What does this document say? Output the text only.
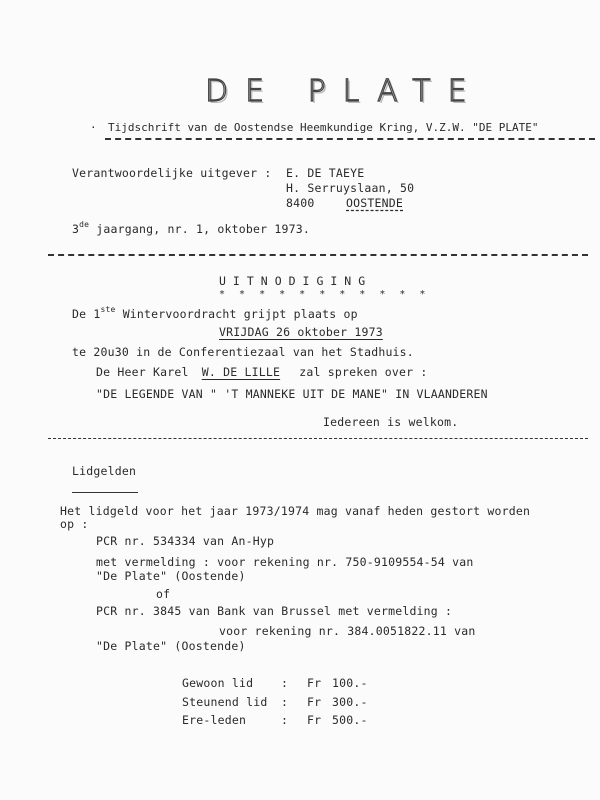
DE PLATE
· Tijdschrift van de Oostendse Heemkundige Kring, V.Z.W. "DE PLATE"
Verantwoordelijke uitgever : E. DE TAEYE
H. Serruyslaan, 50
8400	OOSTENDE
3de jaargang, nr. 1, oktober 1973.
UITNODIGING
* * * * * * * * * * *
De 1ste Wintervoordracht grijpt plaats op
VRIJDAG 26 oktober 1973
te 20u30 in de Conferentiezaal van het Stadhuis.
De Heer Karel W. DE LILLE zal spreken over :
"DE LEGENDE VAN " 'T MANNEKE UIT DE MANE" IN VLAANDEREN
Iedereen is welkom.
Lidgelden
Het lidgeld voor het jaar 1973/1974 mag vanaf heden gestort worden
op :
PCR nr. 534334 van An-Hyp
met vermelding : voor rekening nr. 750-9109554-54 van
"De Plate" (Oostende)
of
PCR nr. 3845 van Bank van Brussel met vermelding :
voor rekening nr. 384.0051822.11 van
"De Plate" (Oostende)
Gewoon lid : Fr 100.-
Steunend lid : Fr 300.-
Ere-leden	: Fr 500.-
